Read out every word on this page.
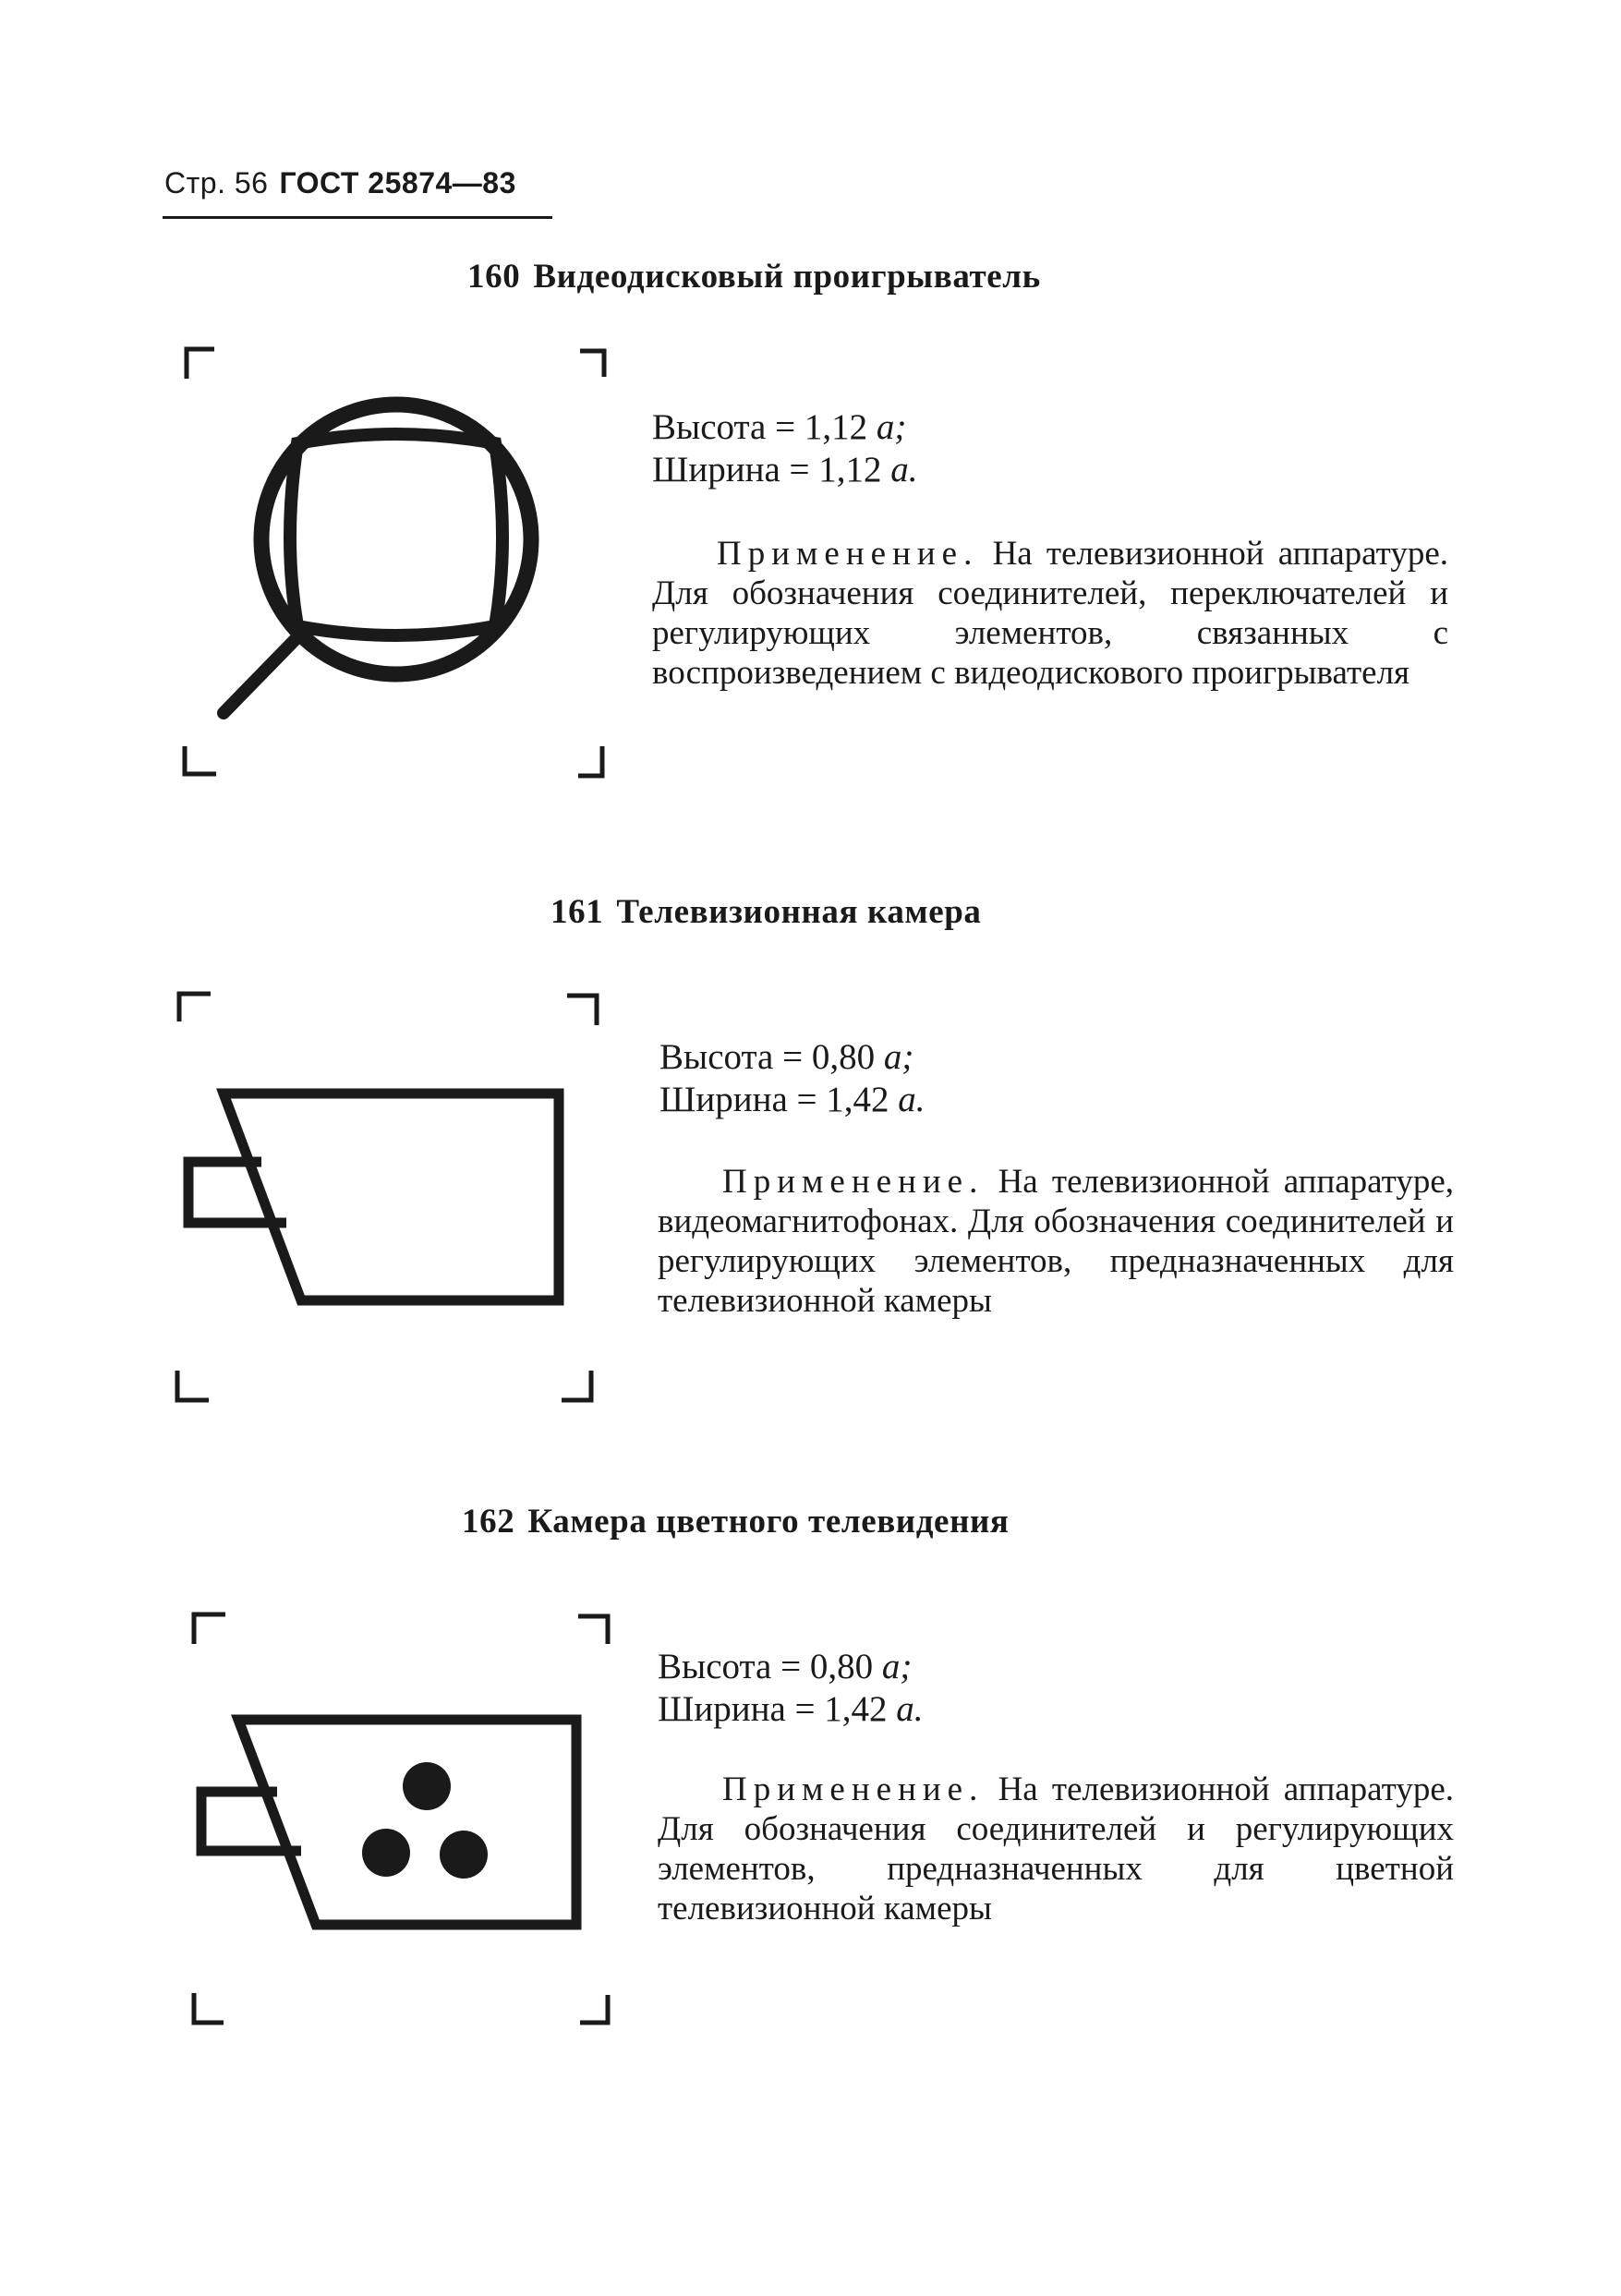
Стр. 56 ГОСТ 25874—83
160 Видеодисковый проигрыватель
Высота = 1,12 a;
Ширина = 1,12 a.
Применение. На телевизионной аппаратуре. Для обозначения соединителей, переключателей и регулирующих элементов, связанных с воспроизведением с видеодискового проигрывателя
161 Телевизионная камера
Высота = 0,80 a;
Ширина = 1,42 a.
Применение. На телевизионной аппаратуре, видеомагнитофонах. Для обозначения соединителей и регулирующих элементов, предназначенных для телевизионной камеры
162 Камера цветного телевидения
Высота = 0,80 a;
Ширина = 1,42 a.
Применение. На телевизионной аппаратуре. Для обозначения соединителей и регулирующих элементов, предназначенных для цветной телевизионной камеры
